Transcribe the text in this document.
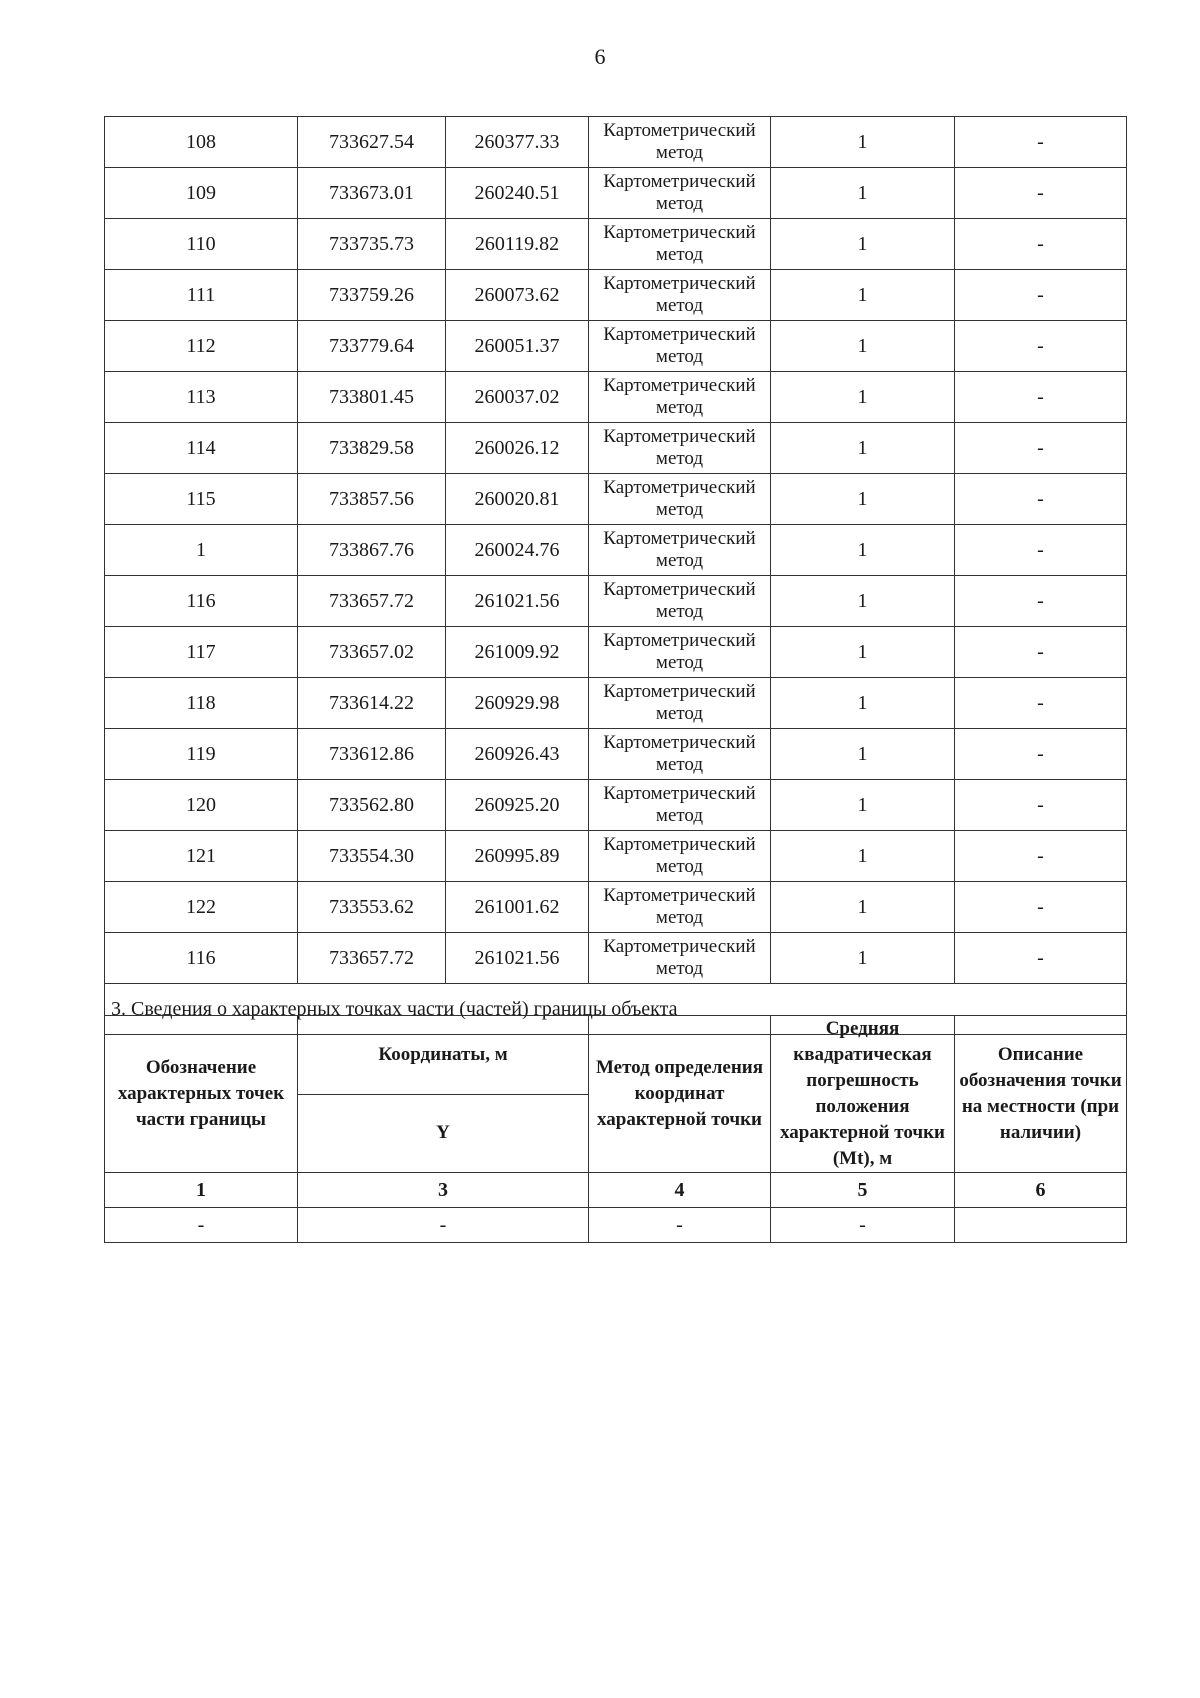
6
108	733627.54	260377.33	Картометрический метод	1	-
109	733673.01	260240.51	Картометрический метод	1	-
110	733735.73	260119.82	Картометрический метод	1	-
111	733759.26	260073.62	Картометрический метод	1	-
112	733779.64	260051.37	Картометрический метод	1	-
113	733801.45	260037.02	Картометрический метод	1	-
114	733829.58	260026.12	Картометрический метод	1	-
115	733857.56	260020.81	Картометрический метод	1	-
1	733867.76	260024.76	Картометрический метод	1	-
116	733657.72	261021.56	Картометрический метод	1	-
117	733657.02	261009.92	Картометрический метод	1	-
118	733614.22	260929.98	Картометрический метод	1	-
119	733612.86	260926.43	Картометрический метод	1	-
120	733562.80	260925.20	Картометрический метод	1	-
121	733554.30	260995.89	Картометрический метод	1	-
122	733553.62	261001.62	Картометрический метод	1	-
116	733657.72	261021.56	Картометрический метод	1	-
3. Сведения о характерных точках части (частей) границы объекта					
Обозначение характерных точек части границы	Координаты, м	Метод определения координат характерной точки	Средняя квадратическая погрешность положения характерной точки (Mt), м	Описание обозначения точки на местности (при наличии)
	Y			
1	3	4	5	6
-	-	-	-	
